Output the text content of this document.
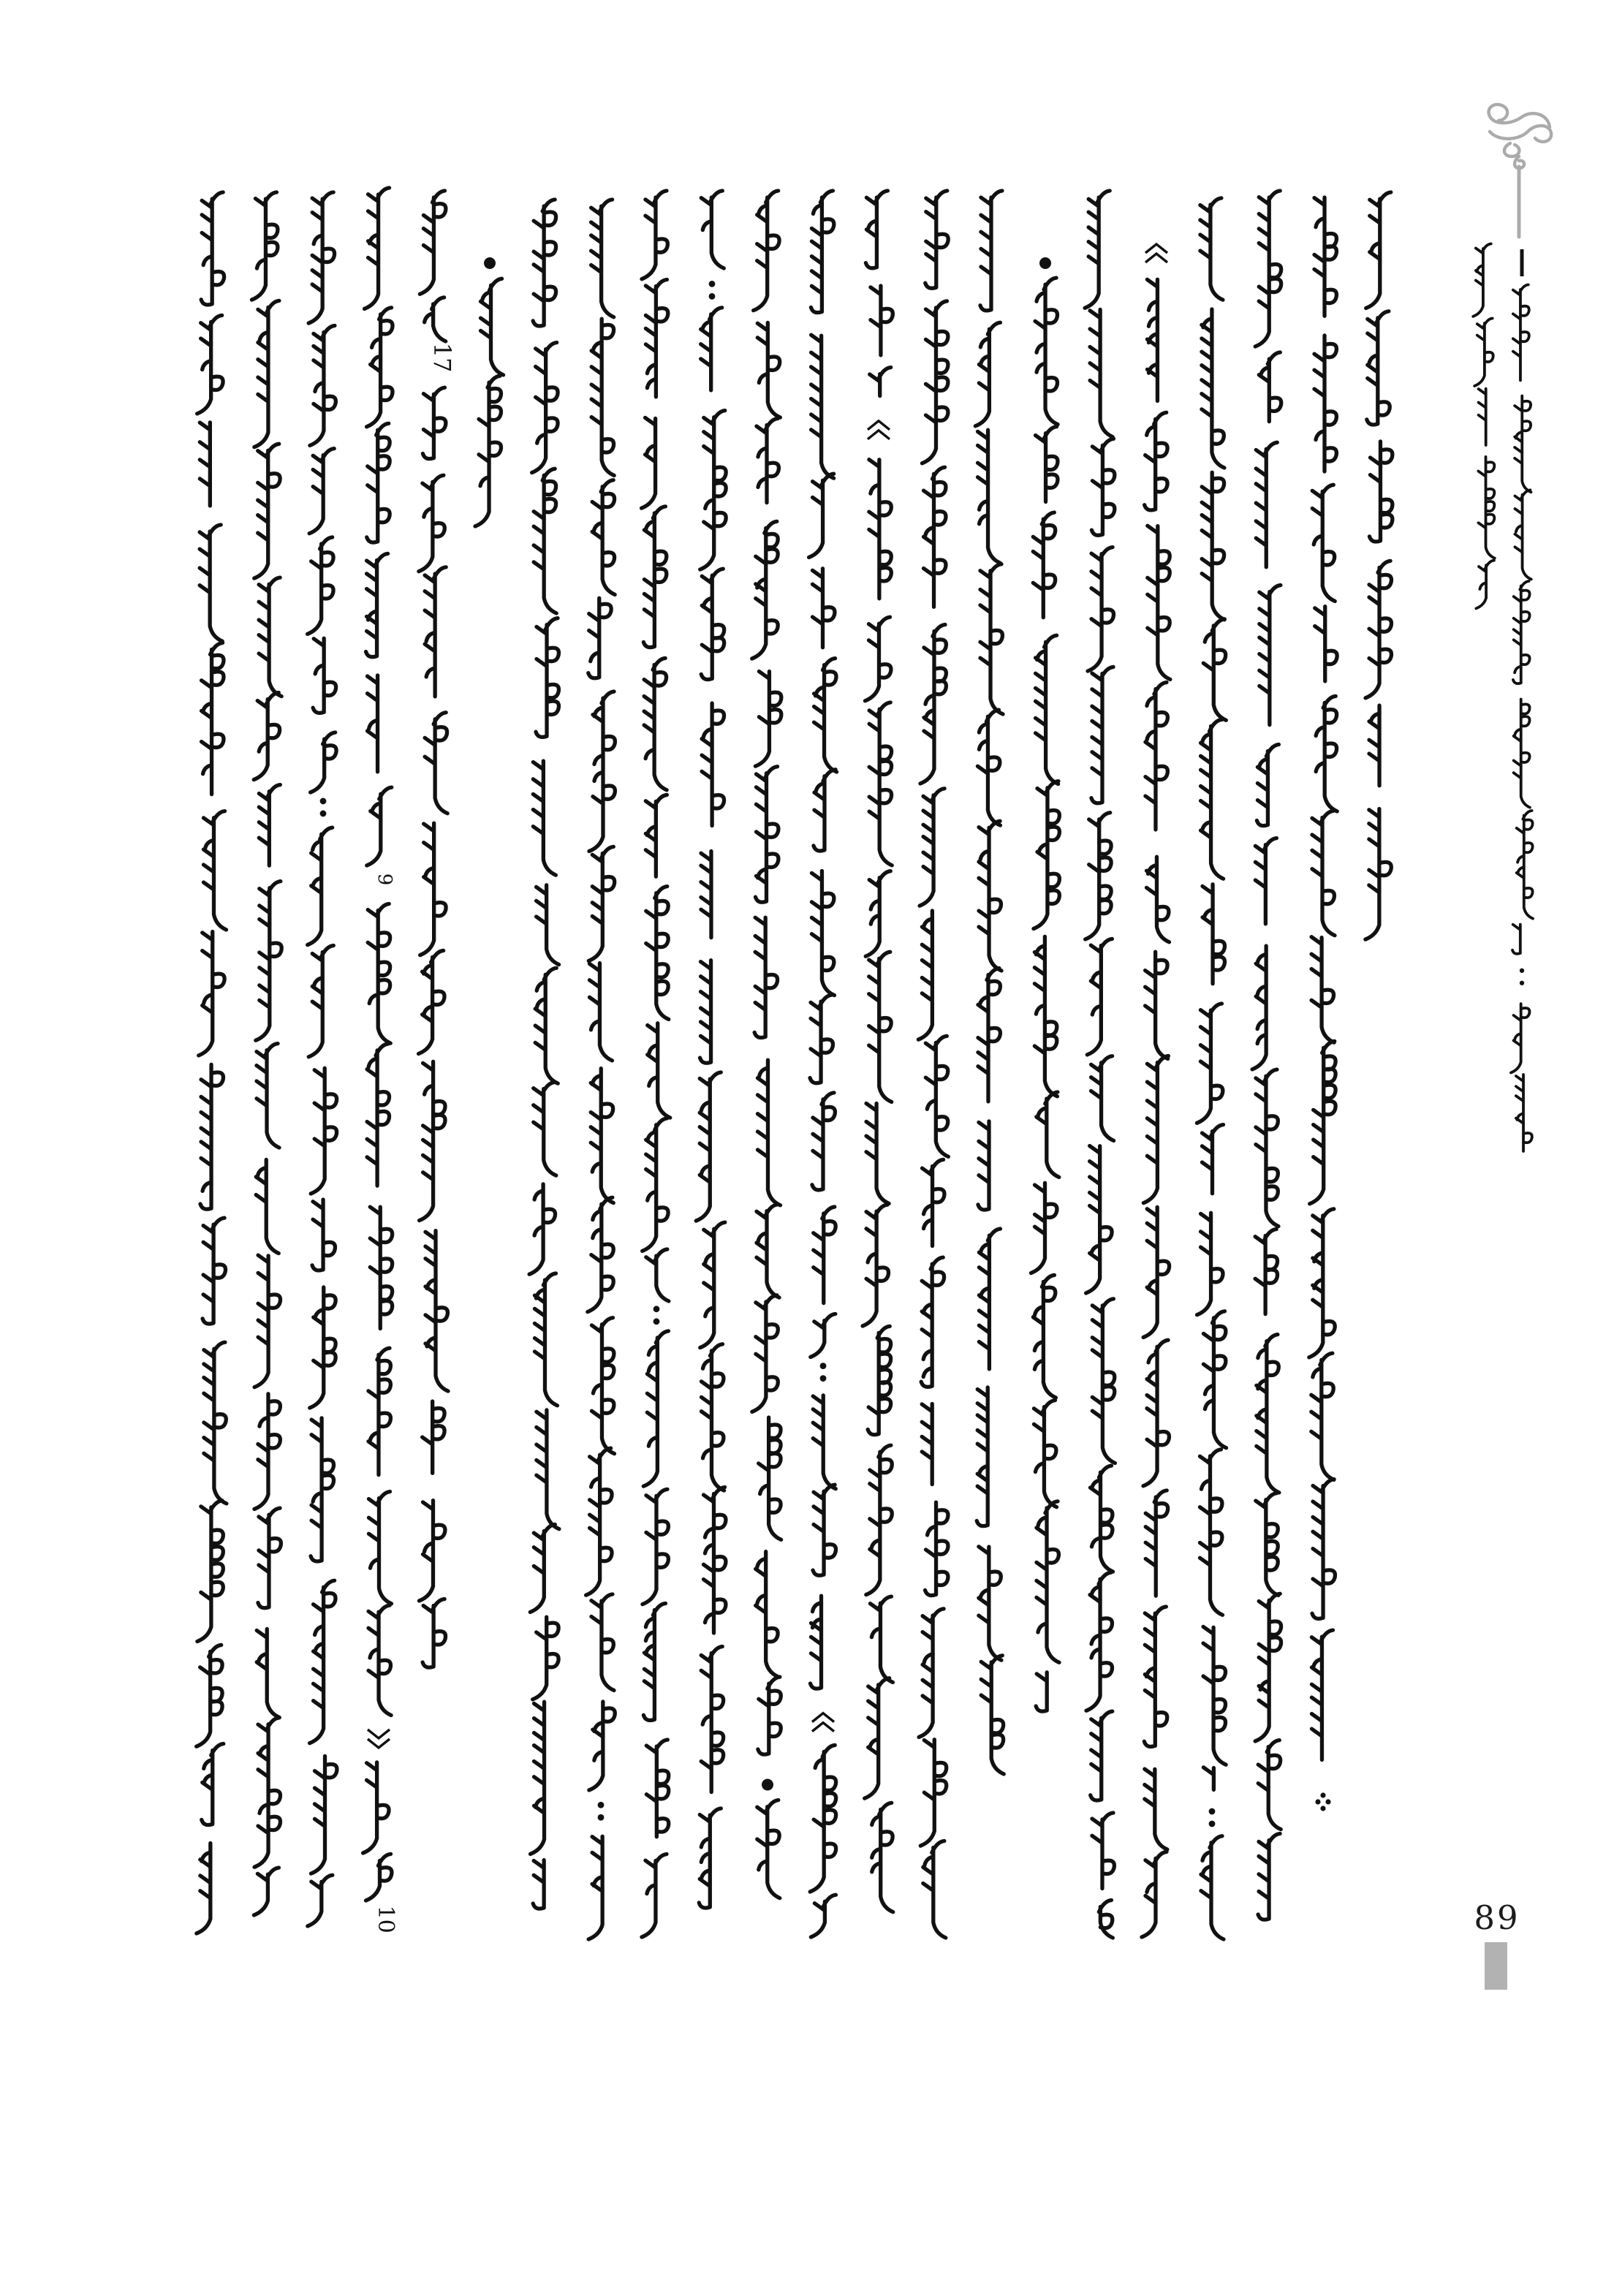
9
10
17
89
